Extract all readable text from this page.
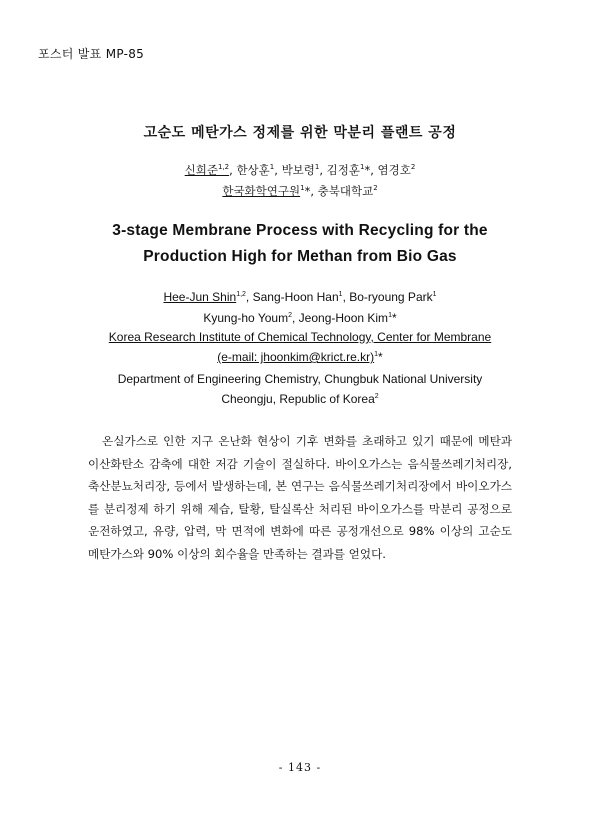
포스터 발표 MP-85
고순도 메탄가스 정제를 위한 막분리 플랜트 공정
신희준$^{1,2}$, 한상훈$^1$, 박보령$^1$, 김정훈$^1$*, 염경호$^2$
한국화학연구원$^1$*, 충북대학교$^2$
3-stage Membrane Process with Recycling for the
Production High for Methan from Bio Gas
Hee-Jun Shin$^{1,2}$, Sang-Hoon Han$^1$, Bo-ryoung Park$^1$
Kyung-ho Youm$^2$, Jeong-Hoon Kim$^1$*
Korea Research Institute of Chemical Technology, Center for Membrane
(e-mail: jhoonkim@krict.re.kr)$^1$*
Department of Engineering Chemistry, Chungbuk National University
Cheongju, Republic of Korea$^2$

온실가스로 인한 지구 온난화 현상이 기후 변화를 초래하고 있기 때문에 메탄과 이산화탄소 감축에 대한 저감 기술이 절실하다. 바이오가스는 음식물쓰레기처리장, 축산분뇨처리장, 등에서 발생하는데, 본 연구는 음식물쓰레기처리장에서 바이오가스를 분리정제 하기 위해 제습, 탈황, 탈실록산 처리된 바이오가스를 막분리 공정으로 운전하였고, 유량, 압력, 막 면적에 변화에 따른 공정개선으로 98% 이상의 고순도 메탄가스와 90% 이상의 회수율을 만족하는 결과를 얻었다.

- 143 -
